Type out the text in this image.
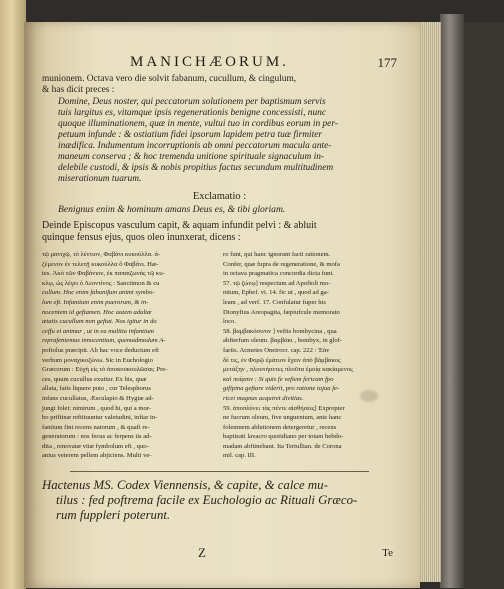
MANICHÆORUM.	177
munionem. Octava vero die solvit fabanum, cucullum, & cingulum,
& has dicit preces :
Domine, Deus noster, qui peccatorum solutionem per baptismum servis
tuis largitus es, vitamque ipsis regenerationis benigne concessisti, nunc
quoque illuminationem, quæ in mente, vultui tuo in cordibus eorum in per-
petuum infunde : & ostiatium fidei ipsorum lapidem petra tuæ firmiter
inædifica. Indumentum incorruptionis ab omni peccatorum macula ante-
maneum conserva ; & hoc tremenda unitione spirituale signaculum in-
delebile custodi, & ipsis & nobis propitius factus secundum multitudinem
miserationum tuarum.
Exclamatio :
Benignus enim & hominum amans Deus es, & tibi gloriam.
Deinde Episcopus vasculum capit, & aquam infundit pelvi : & abluit
quinque fensus ejus, quos oleo inunxerat, dicens :
τῷ μανιχῷ, τὸ λέντιον, Φαβάνι κυκούλλα. ἀ-
ζέμενον ἐν τελετῇ κυκούλλα ὃ Φαβάνι. Hæ-
tes. Ἀκὸ τῶν Φαβάνιον, ἐκ παπαιζωνάς τῷ κυ-
κλῳ, ὡς λέγει ὁ Λεοντίνος : Sanctimon & cu
cullum. Hoc enim fabanifum animi symbo-
lum eft. Infantium enim puerorum, & in-
nocentem id geftamen. Hoc autem adultæ
ætatis cucullum non geftat. Nos igitur in do
ceffu ei animar , ut in ea malitia infantium
reprafentemus innocentiam, quemadmodum A-
poftolus præcipit. Ab hac voce deductum eft
verbum μοναχικοζώνω. Sic in Euchologio
Græcorum : Εὐχὴ εἰς τὸ ἀποκουκουλῶσαι; Pre-
ces, quum cucullus exuitur. Ex his, quæ
allata, fatis liquere puto , cur Telesphorus
infans cucullatus, Æsculapio & Hygiæ ad-
jungi folet: nimirum , quod hi, qui a mor-
bo priftinæ reftituuntur valetudini, inftar in-
fantium fint recens natorum , & quafi re-
generatorum : nos fecus ac ferpens iis ad-
dita , renovatæ vitæ fymbolum eft , quo-
anius veterem pellem abjiciens. Multi ve-
ro funt, qui hanc ignorant facti rationem.
Confer, quæ fupra de regeneratione, & mofa
in octava pragmatica concordia dicta funt.
57. τῷ ζώνῳ] respectum ad Apoftoli mo-
nitum, Ephef. vi. 14. fic ut , quod ad ga-
leam , ad verf. 17. Confulatur fuper his
Dionyfius Areopagita, fæpiufcule memorato
loco.
58. βαμβακόσινον ] vefiis bombycina , qua
abfterfum oleum. βαμβάκι , bombyx, in glof-
fariis. Acmetes Oneirocr. cap. 222 : Ἐὰν
δὲ τις, ἐν Φορῷ ἐμάτιον ἔχειν ἀπὸ βάμβακος
μετάξην , πλουτήσετες πλοῦτα ἐμοίᾳ κακίαμενος
καὶ ποίᾳσιν : Si quis fe vefiem fericam fpo
gifipina geftare viderit, pro ratione tojua fe-
ricei magnas acquiret divitias.
59. ἀποπλύνει τὰς πέντε αἰσθήσεις] Expropter
ne fucrum oleum, five unguentum, ante hanc
folemnem ablutionem detergeretur , recens
baptizati lavacro quotidiano per totam hebdo-
madam abftinebant. Ita Tertullian. de Corona
mil. cap. III.
Hactenus MS. Codex Viennensis, & capite, & calce mu-
tilus : fed poftrema facile ex Euchologio ac Rituali Græco-
rum fuppleri poterunt.
Z	Te
